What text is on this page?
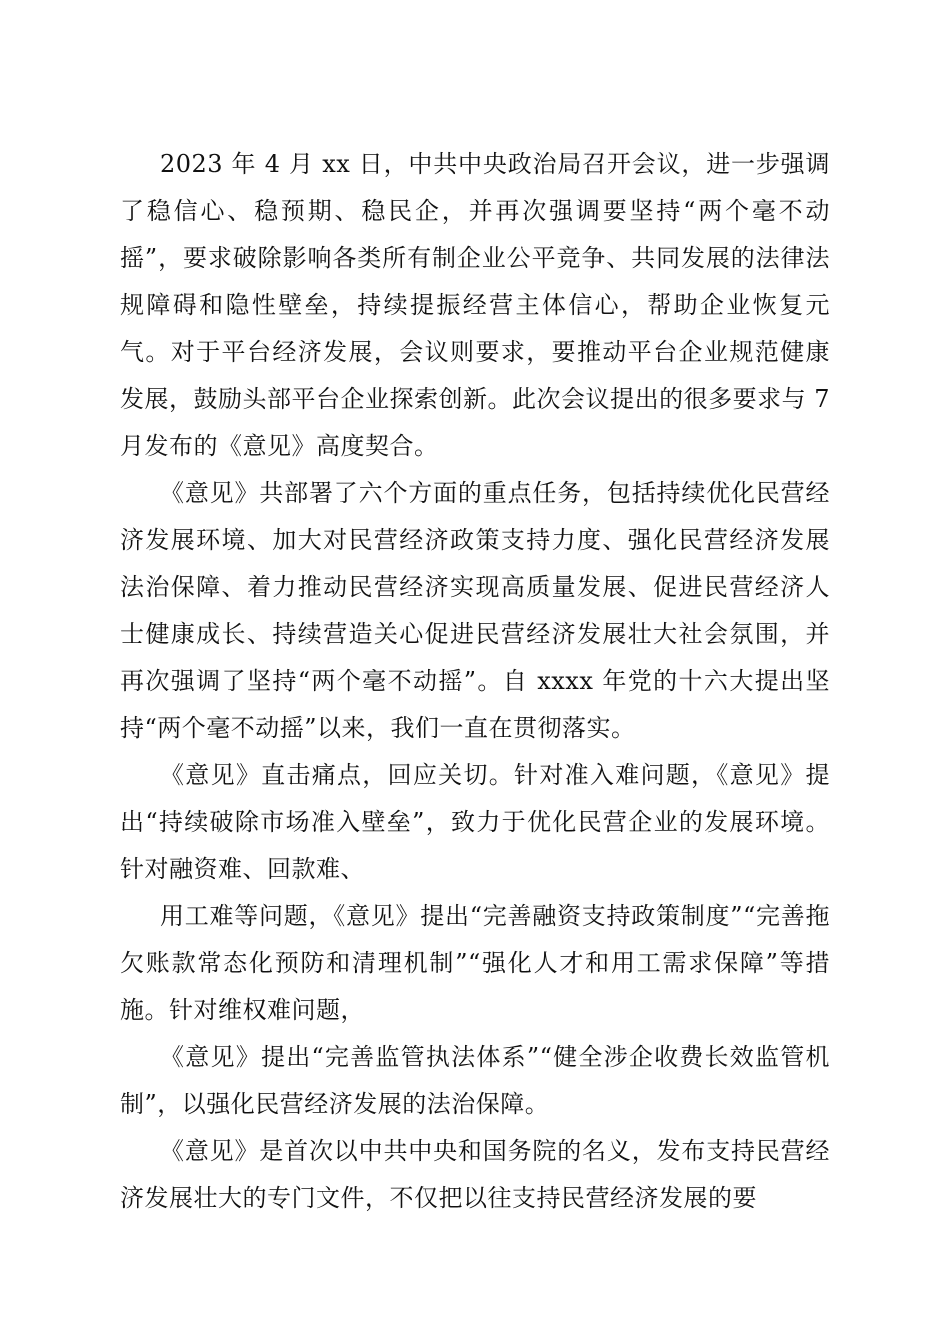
2023 年 4 月 xx 日，中共中央政治局召开会议，进一步强调了稳信心、稳预期、稳民企，并再次强调要坚持“两个毫不动摇”，要求破除影响各类所有制企业公平竞争、共同发展的法律法规障碍和隐性壁垒，持续提振经营主体信心，帮助企业恢复元气。对于平台经济发展，会议则要求，要推动平台企业规范健康发展，鼓励头部平台企业探索创新。此次会议提出的很多要求与 7 月发布的《意见》高度契合。

《意见》共部署了六个方面的重点任务，包括持续优化民营经济发展环境、加大对民营经济政策支持力度、强化民营经济发展法治保障、着力推动民营经济实现高质量发展、促进民营经济人士健康成长、持续营造关心促进民营经济发展壮大社会氛围，并再次强调了坚持“两个毫不动摇”。自 xxxx 年党的十六大提出坚持“两个毫不动摇”以来，我们一直在贯彻落实。

《意见》直击痛点，回应关切。针对准入难问题，《意见》提出“持续破除市场准入壁垒”，致力于优化民营企业的发展环境。针对融资难、回款难、

用工难等问题，《意见》提出“完善融资支持政策制度”“完善拖欠账款常态化预防和清理机制”“强化人才和用工需求保障”等措施。针对维权难问题，

《意见》提出“完善监管执法体系”“健全涉企收费长效监管机制”，以强化民营经济发展的法治保障。

《意见》是首次以中共中央和国务院的名义，发布支持民营经济发展壮大的专门文件，不仅把以往支持民营经济发展的要
